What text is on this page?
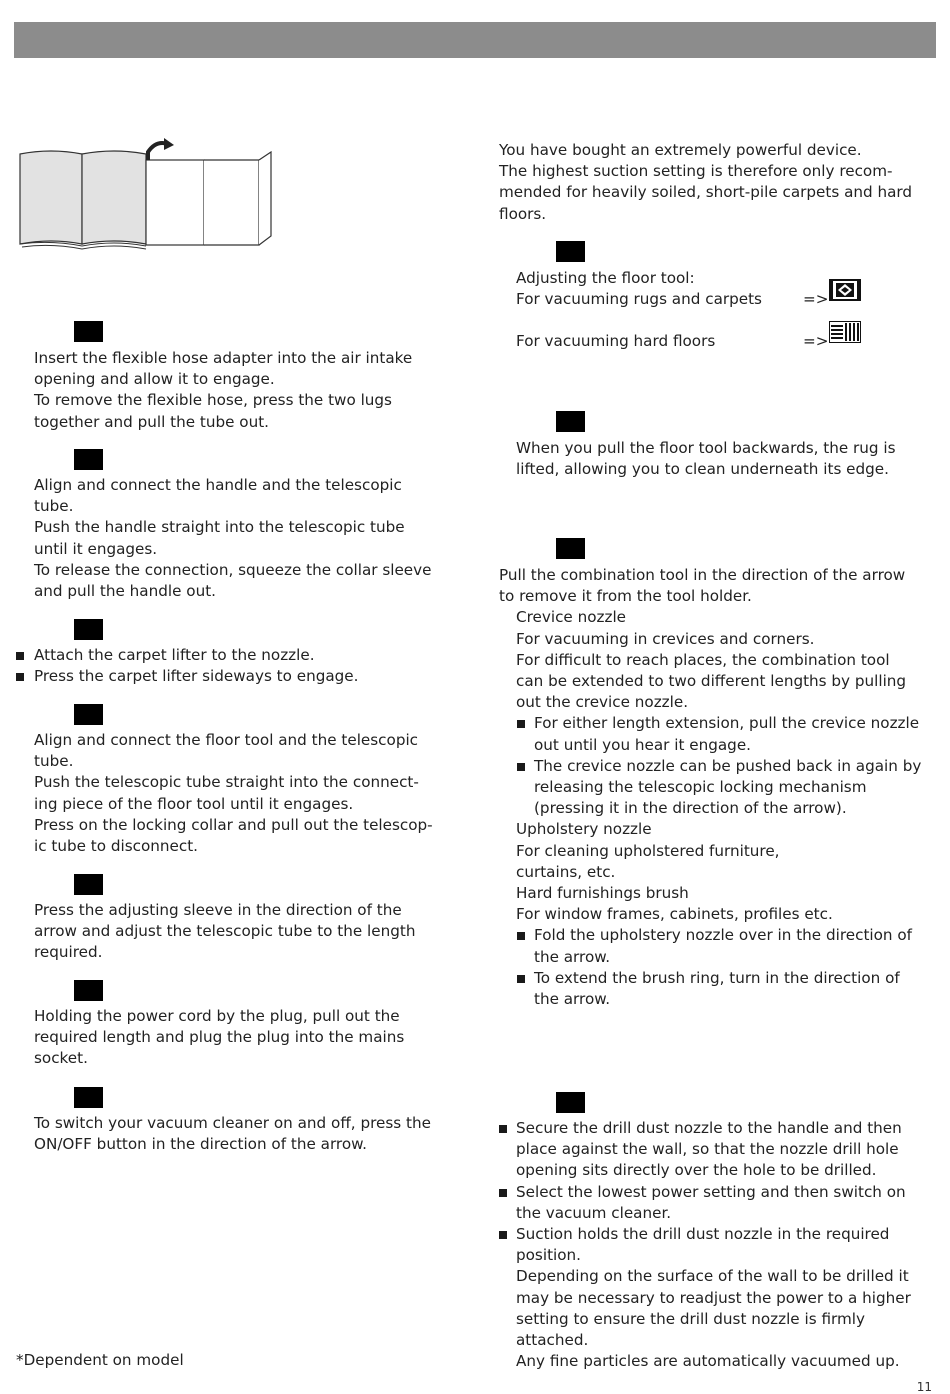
Insert the flexible hose adapter into the air intake

opening and allow it to engage.

To remove the flexible hose, press the two lugs

together and pull the tube out.

Align and connect the handle and the telescopic

tube.

Push the handle straight into the telescopic tube

until it engages.

To release the connection, squeeze the collar sleeve

and pull the handle out.

Attach the carpet lifter to the nozzle.
Press the carpet lifter sideways to engage.

Align and connect the floor tool and the telescopic

tube.

Push the telescopic tube straight into the connect-

ing piece of the floor tool until it engages.

Press on the locking collar and pull out the telescop-

ic tube to disconnect.

Press the adjusting sleeve in the direction of the

arrow and adjust the telescopic tube to the length

required.

Holding the power cord by the plug, pull out the

required length and plug the plug into the mains

socket.

To switch your vacuum cleaner on and off, press the

ON/OFF button in the direction of the arrow.

*Dependent on model

You have bought an extremely powerful device.

The highest suction setting is therefore only recom-

mended for heavily soiled, short-pile carpets and hard

floors.

Adjusting the floor tool:

For vacuuming rugs and carpets	=>
For vacuuming hard floors	=>

When you pull the floor tool backwards, the rug is

lifted, allowing you to clean underneath its edge.

Pull the combination tool in the direction of the arrow

to remove it from the tool holder.

Crevice nozzle

For vacuuming in crevices and corners.

For difficult to reach places, the combination tool

can be extended to two different lengths by pulling

out the crevice nozzle.

For either length extension, pull the crevice nozzle

out until you hear it engage.

The crevice nozzle can be pushed back in again by

releasing the telescopic locking mechanism

(pressing it in the direction of the arrow).

Upholstery nozzle

For cleaning upholstered furniture,

curtains, etc.

Hard furnishings brush

For window frames, cabinets, profiles etc.

Fold the upholstery nozzle over in the direction of

the arrow.

To extend the brush ring, turn in the direction of

the arrow.

Secure the drill dust nozzle to the handle and then

place against the wall, so that the nozzle drill hole

opening sits directly over the hole to be drilled.

Select the lowest power setting and then switch on

the vacuum cleaner.

Suction holds the drill dust nozzle in the required

position.

Depending on the surface of the wall to be drilled it

may be necessary to readjust the power to a higher

setting to ensure the drill dust nozzle is firmly

attached.

Any fine particles are automatically vacuumed up.

11
